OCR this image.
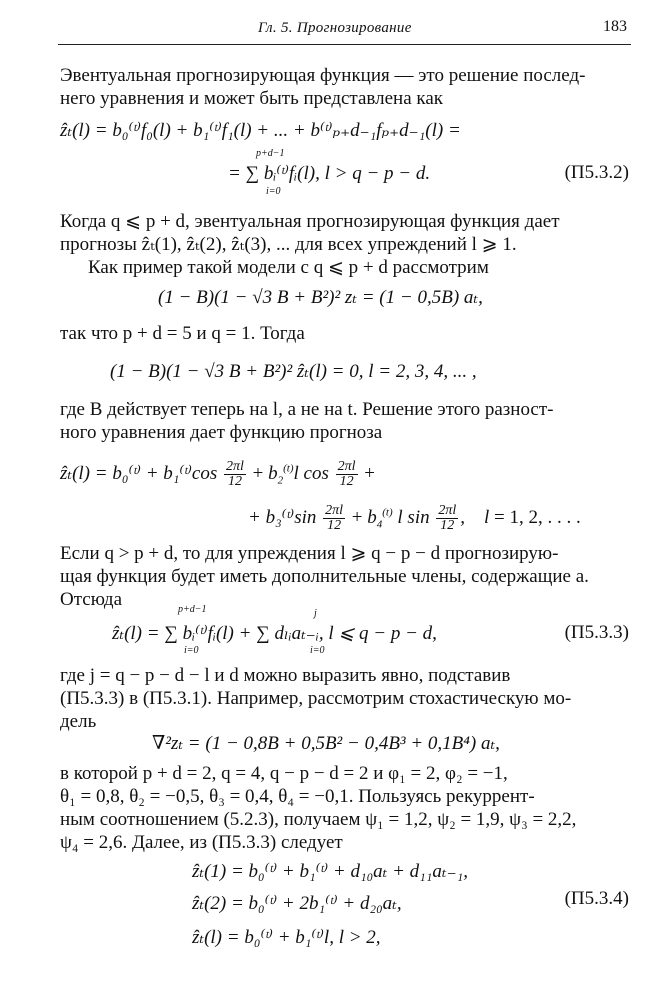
Гл. 5. Прогнозирование	183
Эвентуальная прогнозирующая функция — это решение послед-
него уравнения и может быть представлена как
ẑₜ(l) = b₀⁽ᵗ⁾f₀(l) + b₁⁽ᵗ⁾f₁(l) + ... + b⁽ᵗ⁾ₚ₊d₋₁fₚ₊d₋₁(l) =
p+d−1
= ∑ bᵢ⁽ᵗ⁾fᵢ(l), l > q − p − d.
i=0
(П5.3.2)
Когда q ⩽ p + d, эвентуальная прогнозирующая функция дает
прогнозы ẑₜ(1), ẑₜ(2), ẑₜ(3), ... для всех упреждений l ⩾ 1.
Как пример такой модели с q ⩽ p + d рассмотрим
(1 − B)(1 − √3 B + B²)² zₜ = (1 − 0,5B) aₜ,
так что p + d = 5 и q = 1. Тогда
(1 − B)(1 − √3 B + B²)² ẑₜ(l) = 0, l = 2, 3, 4, ... ,
где B действует теперь на l, а не на t. Решение этого разност-
ного уравнения дает функцию прогноза
ẑₜ(l) = b₀⁽ᵗ⁾ + b₁⁽ᵗ⁾cos $\frac{2\pi l}{12} + b_2^{(t)}l$ $\cos \frac{2\pi l}{12}$ +
+ b₃⁽ᵗ⁾sin $\frac{2\pi l}{12} + b_4^{(t)}$ l $\sin \frac{2\pi l}{12}$ ,    l = 1, 2, . . . .
Если q > p + d, то для упреждения l ⩾ q − p − d прогнозирую-
щая функция будет иметь дополнительные члены, содержащие a.
Отсюда	p+d−1	j
ẑₜ(l) = ∑ bᵢ⁽ᵗ⁾fᵢ(l) + ∑ dₗᵢaₜ₋ᵢ, l ⩽ q − p − d,
i=0	i=0
(П5.3.3)
где j = q − p − d − l и d можно выразить явно, подставив
(П5.3.3) в (П5.3.1). Например, рассмотрим стохастическую мо-
дель
∇²zₜ = (1 − 0,8B + 0,5B² − 0,4B³ + 0,1B⁴) aₜ,
в которой p + d = 2, q = 4, q − p − d = 2 и φ₁ = 2, φ₂ = −1,
θ₁ = 0,8, θ₂ = −0,5, θ₃ = 0,4, θ₄ = −0,1. Пользуясь рекуррент-
ным соотношением (5.2.3), получаем ψ₁ = 1,2, ψ₂ = 1,9, ψ₃ = 2,2,
ψ₄ = 2,6. Далее, из (П5.3.3) следует
ẑₜ(1) = b₀⁽ᵗ⁾ + b₁⁽ᵗ⁾ + d₁₀aₜ + d₁₁aₜ₋₁,
ẑₜ(2) = b₀⁽ᵗ⁾ + 2b₁⁽ᵗ⁾ + d₂₀aₜ,	(П5.3.4)
ẑₜ(l) = b₀⁽ᵗ⁾ + b₁⁽ᵗ⁾l, l > 2,
